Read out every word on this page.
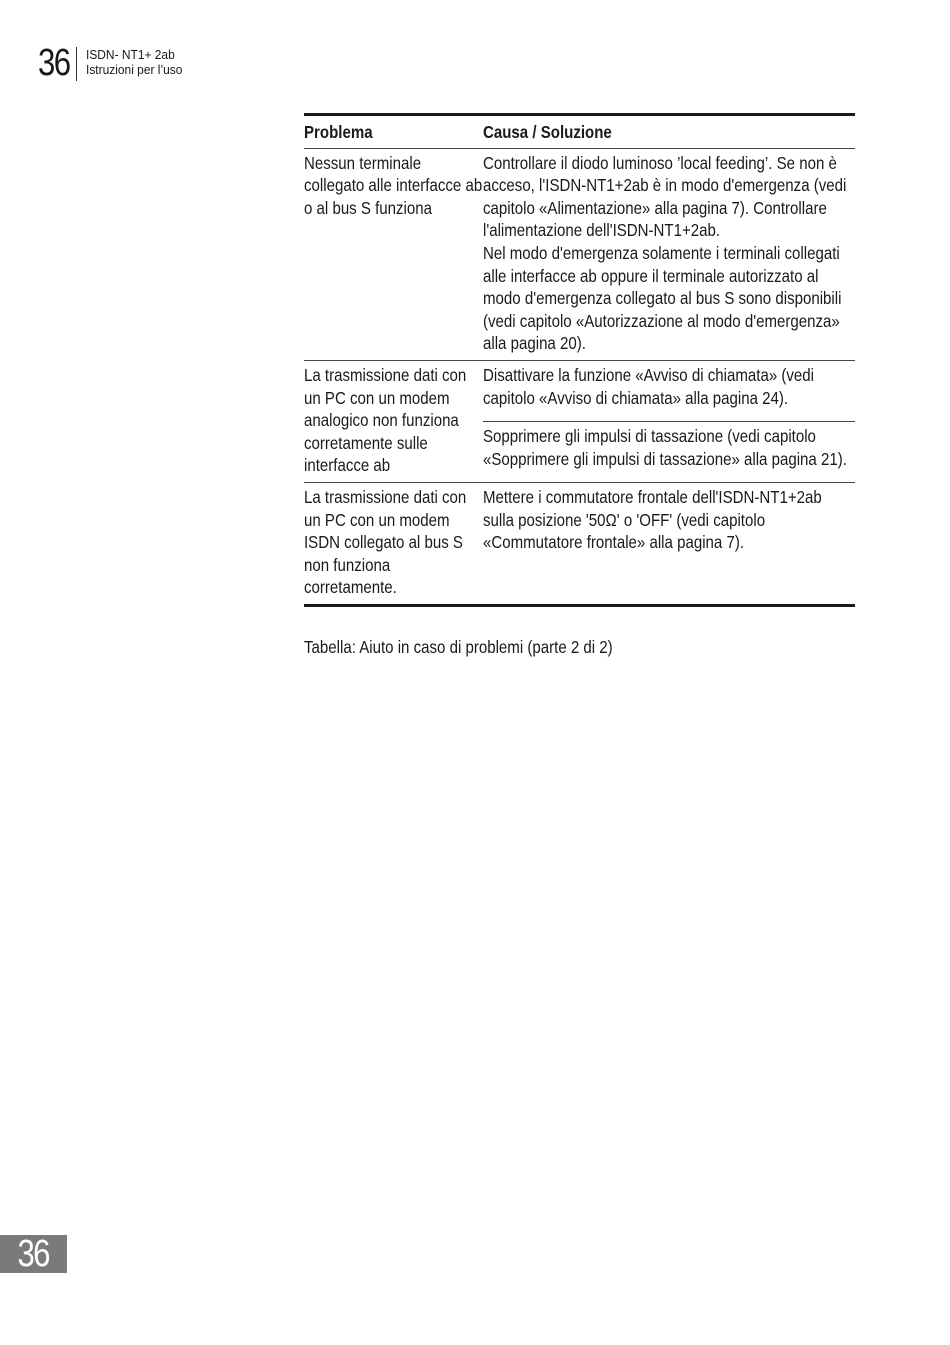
36 ISDN- NT1+ 2ab
Istruzioni per l’uso
Problema	Causa / Soluzione

Nessun terminale collegato alle interfacce ab o al bus S funziona	Controllare il diodo luminoso ’local feeding’. Se non è acceso, l'ISDN-NT1+2ab è in modo d'emergenza (vedi capitolo «Alimentazione» alla pagina 7). Controllare l'alimentazione dell'ISDN-NT1+2ab.
Nel modo d'emergenza solamente i terminali collegati alle interfacce ab oppure il terminale autorizzato al modo d'emergenza collegato al bus S sono disponibili (vedi capitolo «Autorizzazione al modo d'emergenza» alla pagina 20).

La trasmissione dati con un PC con un modem analogico non funziona corretamente sulle interfacce ab	Disattivare la funzione «Avviso di chiamata» (vedi capitolo «Avviso di chiamata» alla pagina 24).

	Sopprimere gli impulsi di tassazione (vedi capitolo «Sopprimere gli impulsi di tassazione» alla pagina 21).

La trasmissione dati con un PC con un modem ISDN collegato al bus S non funziona corretamente.	Mettere i commutatore frontale dell'ISDN-NT1+2ab sulla posizione '50Ω' o 'OFF' (vedi capitolo «Commutatore frontale» alla pagina 7).
Tabella: Aiuto in caso di problemi (parte 2 di 2)
36
